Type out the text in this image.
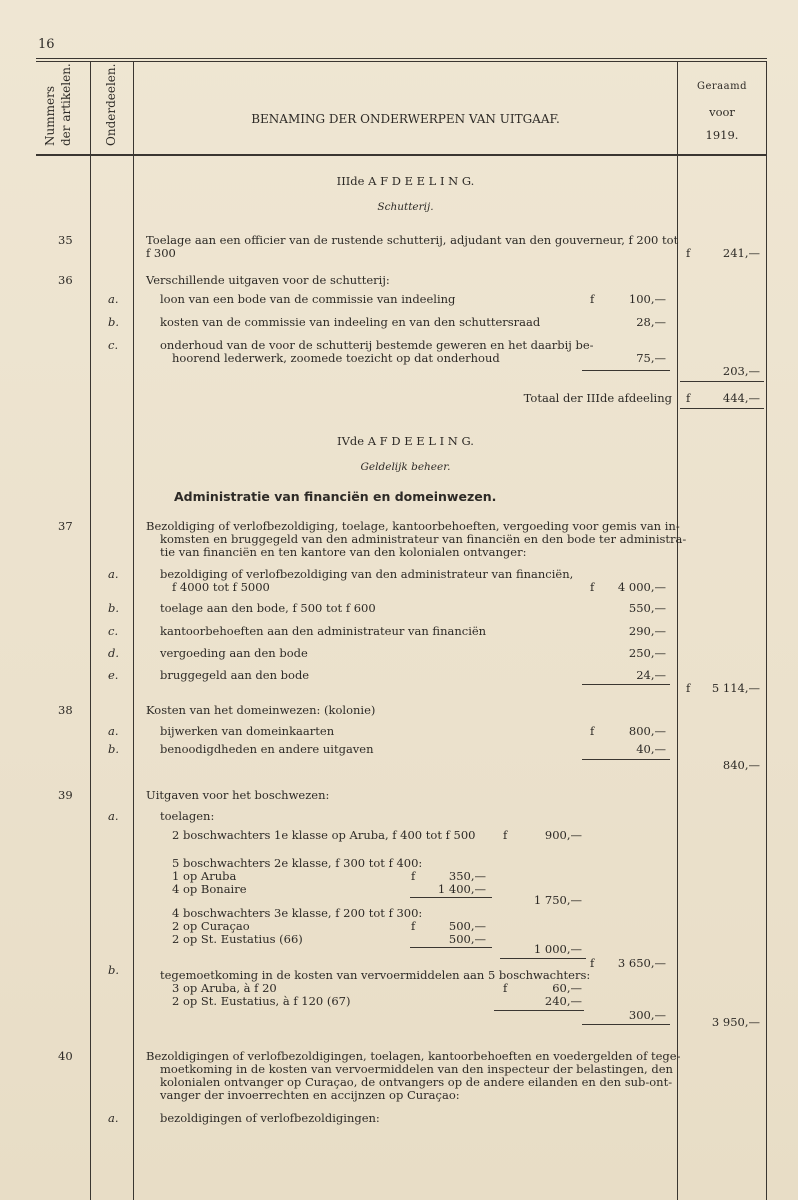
16
Nummers der artikelen.	Onderdeelen.	BENAMING DER ONDERWERPEN VAN UITGAAF.
Geraamd
voor
1919.
IIIde A F D E E L I N G.
Schutterij.
35	Toelage aan een officier van de rustende schutterij, adjudant van den gouverneur, f 200 tot
f 300	f	241,—
36	Verschillende uitgaven voor de schutterij:
a.	loon van een bode van de commissie van indeeling	f	100,—
b.	kosten van de commissie van indeeling en van den schuttersraad	28,—
c.	onderhoud van de voor de schutterij bestemde geweren en het daarbij be-
hoorend lederwerk, zoomede toezicht op dat onderhoud	75,—
203,—
Totaal der IIIde afdeeling f	444,—
IVde A F D E E L I N G.
Geldelijk beheer.
Administratie van financiën en domeinwezen.
37	Bezoldiging of verlofbezoldiging, toelage, kantoorbehoeften, vergoeding voor gemis van in-
komsten en bruggegeld van den administrateur van financiën en den bode ter administra-
tie van financiën en ten kantore van den kolonialen ontvanger:
a.	bezoldiging of verlofbezoldiging van den administrateur van financiën,
f 4000 tot f 5000	f	4 000,—
b.	toelage aan den bode, f 500 tot f 600	550,—
c.	kantoorbehoeften aan den administrateur van financiën	290,—
d.	vergoeding aan den bode	250,—
e.	bruggegeld aan den bode	24,—
f	5 114,—
38	Kosten van het domeinwezen: (kolonie)
a.	bijwerken van domeinkaarten	f	800,—
b.	benoodigdheden en andere uitgaven	40,—
840,—
39	Uitgaven voor het boschwezen:
a.	toelagen:
2 boschwachters 1e klasse op Aruba, f 400 tot f 500 f	900,—
5 boschwachters 2e klasse, f 300 tot f 400:
1 op Aruba	f	350,—
4 op Bonaire	1 400,—
1 750,—
4 boschwachters 3e klasse, f 200 tot f 300:
2 op Curaçao	f	500,—
2 op St. Eustatius (66)	500,—
1 000,—
f	3 650,—
b.	tegemoetkoming in de kosten van vervoermiddelen aan 5 boschwachters:
3 op Aruba, à f 20	f	60,—
2 op St. Eustatius, à f 120 (67)	240,—
300,—	3 950,—
40	Bezoldigingen of verlofbezoldigingen, toelagen, kantoorbehoeften en voedergelden of tege-
moetkoming in de kosten van vervoermiddelen van den inspecteur der belastingen, den
kolonialen ontvanger op Curaçao, de ontvangers op de andere eilanden en den sub-ont-
vanger der invoerrechten en accijnzen op Curaçao:
a.	bezoldigingen of verlofbezoldigingen:
